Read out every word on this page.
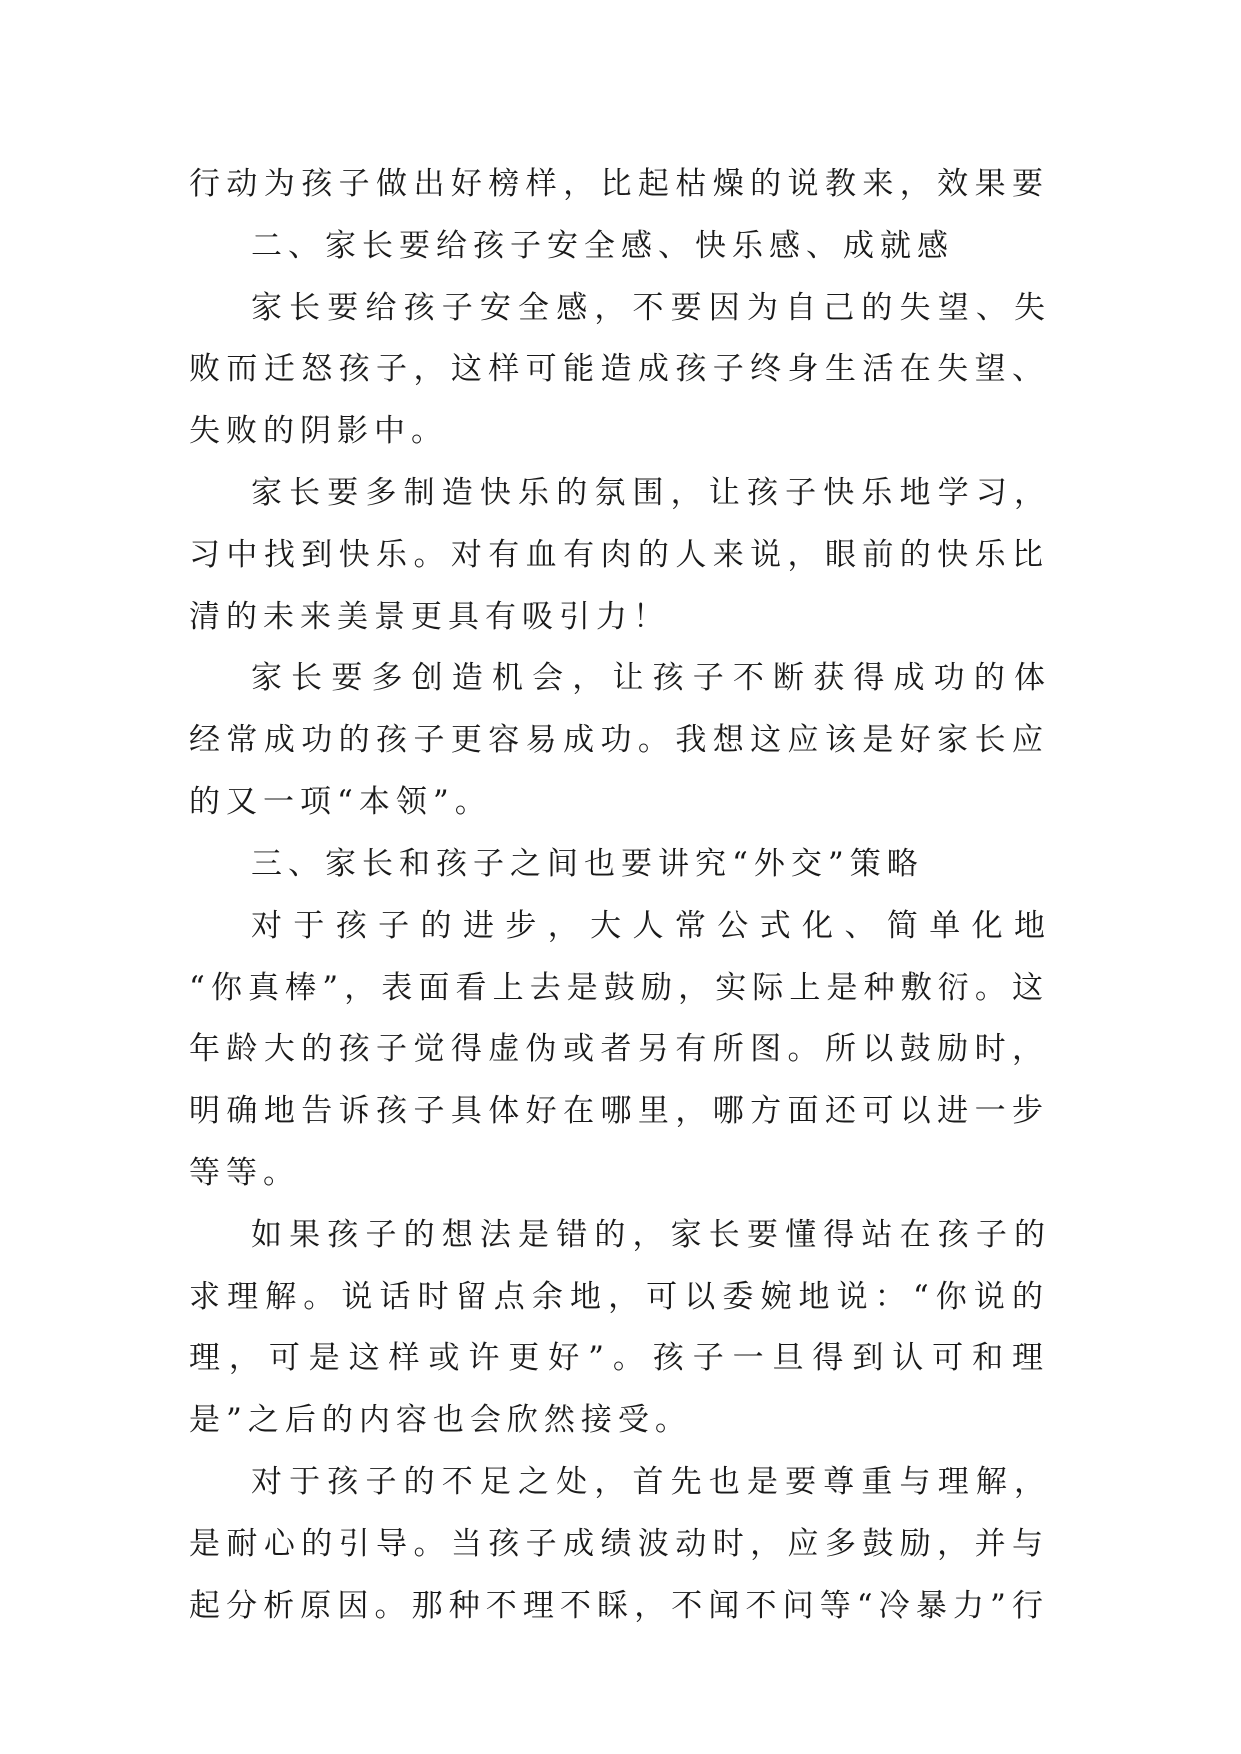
行动为孩子做出好榜样，比起枯燥的说教来，效果要
二、家长要给孩子安全感、快乐感、成就感
家长要给孩子安全感，不要因为自己的失望、失
败而迁怒孩子，这样可能造成孩子终身生活在失望、
失败的阴影中。
家长要多制造快乐的氛围，让孩子快乐地学习，
习中找到快乐。对有血有肉的人来说，眼前的快乐比
清的未来美景更具有吸引力！
家长要多创造机会，让孩子不断获得成功的体
经常成功的孩子更容易成功。我想这应该是好家长应
的又一项“本领”。
三、家长和孩子之间也要讲究“外交”策略
对于孩子的进步，大人常公式化、简单化地
“你真棒”，表面看上去是鼓励，实际上是种敷衍。这
年龄大的孩子觉得虚伪或者另有所图。所以鼓励时，
明确地告诉孩子具体好在哪里，哪方面还可以进一步
等等。
如果孩子的想法是错的，家长要懂得站在孩子的
求理解。说话时留点余地，可以委婉地说：“你说的
理，可是这样或许更好”。孩子一旦得到认可和理
是”之后的内容也会欣然接受。
对于孩子的不足之处，首先也是要尊重与理解，
是耐心的引导。当孩子成绩波动时，应多鼓励，并与
起分析原因。那种不理不睬，不闻不问等“冷暴力”行
